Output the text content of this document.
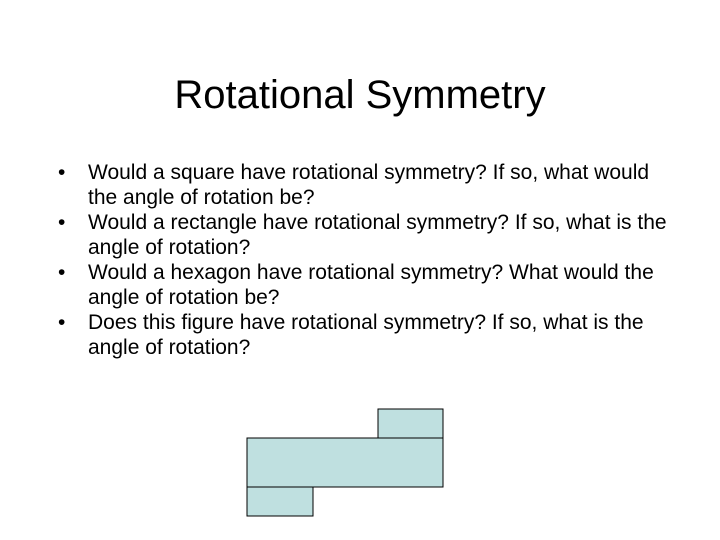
Rotational Symmetry
•	Would a square have rotational symmetry? If so, what would the angle of rotation be?
•	Would a rectangle have rotational symmetry? If so, what is the angle of rotation?
•	Would a hexagon have rotational symmetry? What would the angle of rotation be?
•	Does this figure have rotational symmetry? If so, what is the angle of rotation?
